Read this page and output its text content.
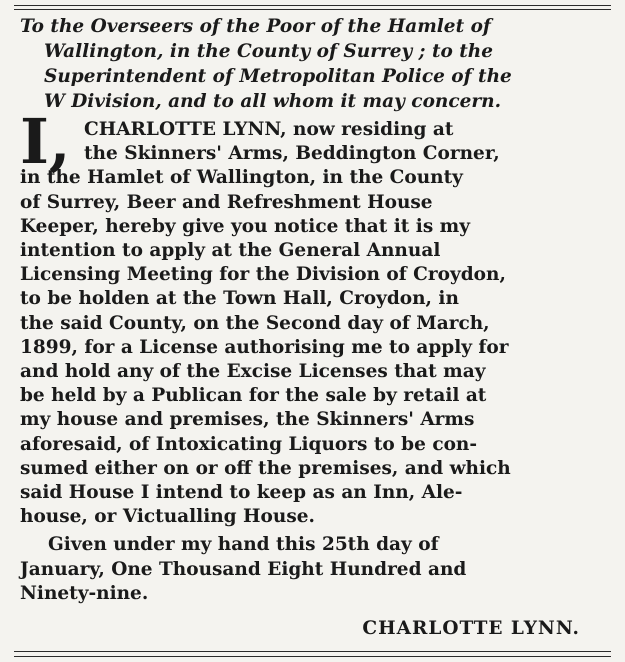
To the Overseers of the Poor of the Hamlet of
Wallington, in the County of Surrey ; to the
Superintendent of Metropolitan Police of the
W Division, and to all whom it may concern.
I, CHARLOTTE LYNN, now residing at
the Skinners' Arms, Beddington Corner,
in the Hamlet of Wallington, in the County
of Surrey, Beer and Refreshment House
Keeper, hereby give you notice that it is my
intention to apply at the General Annual
Licensing Meeting for the Division of Croydon,
to be holden at the Town Hall, Croydon, in
the said County, on the Second day of March,
1899, for a License authorising me to apply for
and hold any of the Excise Licenses that may
be held by a Publican for the sale by retail at
my house and premises, the Skinners' Arms
aforesaid, of Intoxicating Liquors to be con-
sumed either on or off the premises, and which
said House I intend to keep as an Inn, Ale-
house, or Victualling House.
Given under my hand this 25th day of
January, One Thousand Eight Hundred and
Ninety-nine.
CHARLOTTE LYNN.
